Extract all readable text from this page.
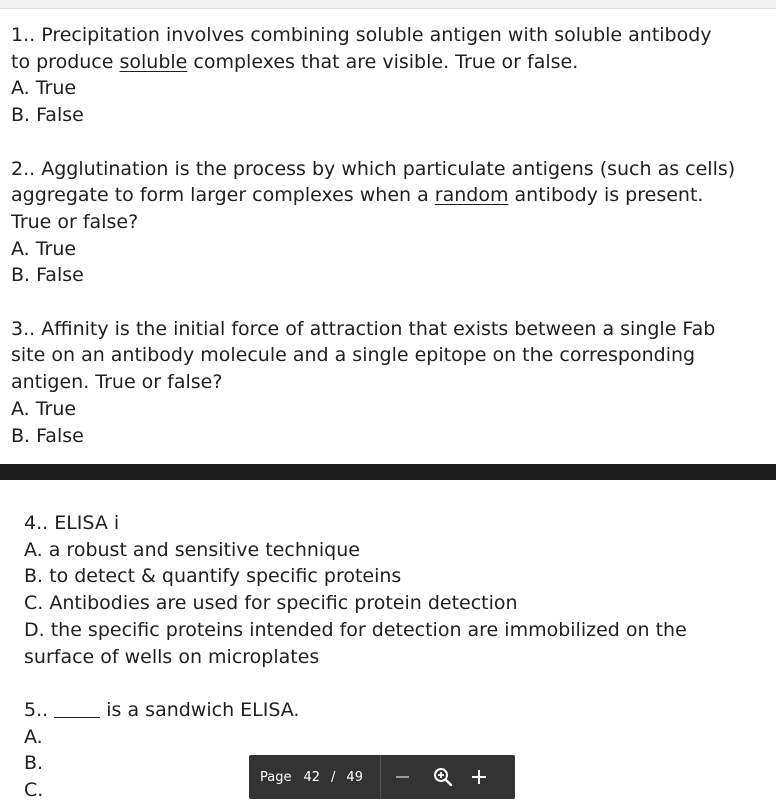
1.. Precipitation involves combining soluble antigen with soluble antibody
to produce soluble complexes that are visible. True or false.
A. True
B. False
2.. Agglutination is the process by which particulate antigens (such as cells)
aggregate to form larger complexes when a random antibody is present.
True or false?
A. True
B. False
3.. Affinity is the initial force of attraction that exists between a single Fab
site on an antibody molecule and a single epitope on the corresponding
antigen. True or false?
A. True
B. False
4.. ELISA i
A. a robust and sensitive technique
B. to detect & quantify specific proteins
C. Antibodies are used for specific protein detection
D. the specific proteins intended for detection are immobilized on the
surface of wells on microplates
5..	is a sandwich ELISA.
A.
B.
C.
Page 42 / 49
